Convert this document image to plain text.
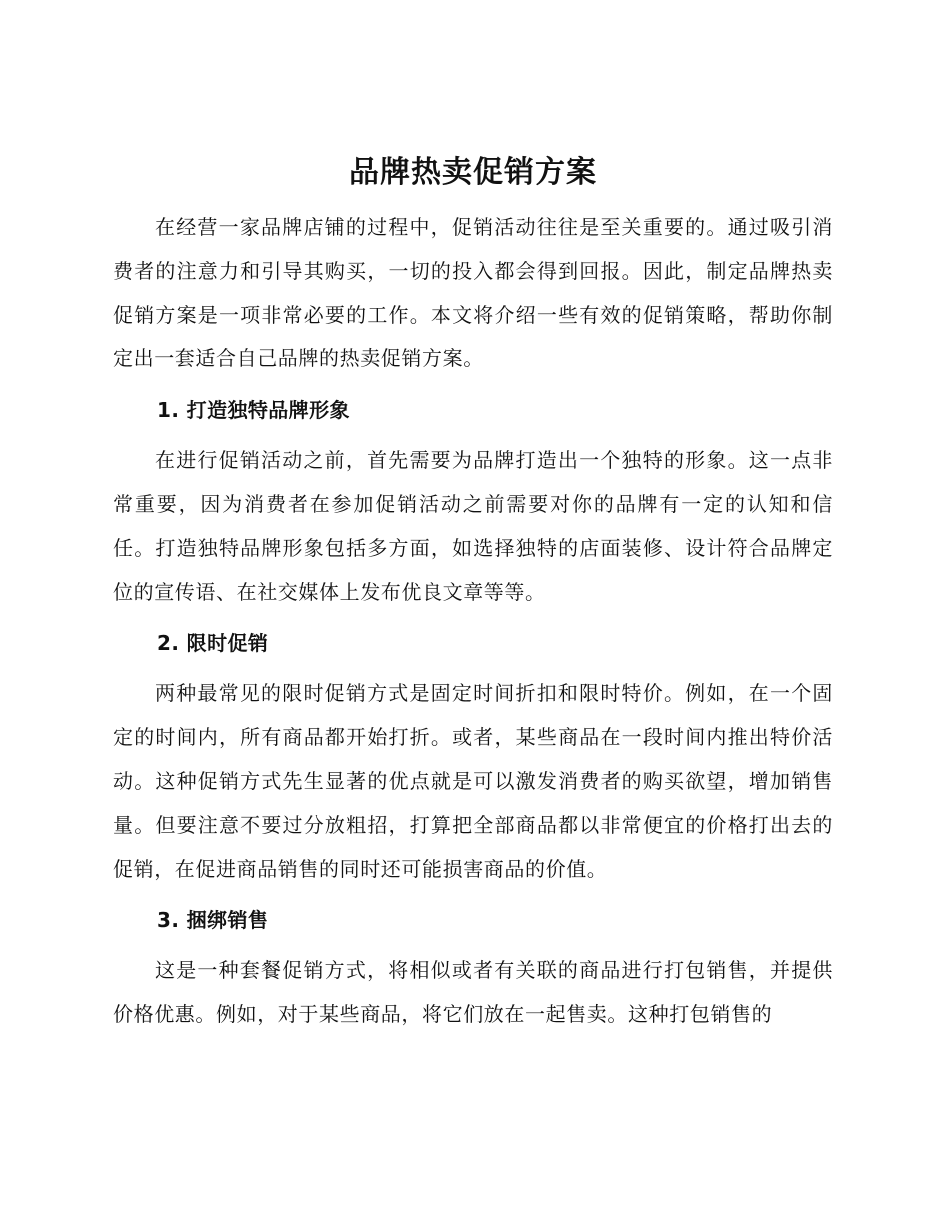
品牌热卖促销方案

在经营一家品牌店铺的过程中，促销活动往往是至关重要的。通过吸引消费者的注意力和引导其购买，一切的投入都会得到回报。因此，制定品牌热卖促销方案是一项非常必要的工作。本文将介绍一些有效的促销策略，帮助你制定出一套适合自己品牌的热卖促销方案。

1. 打造独特品牌形象

在进行促销活动之前，首先需要为品牌打造出一个独特的形象。这一点非常重要，因为消费者在参加促销活动之前需要对你的品牌有一定的认知和信任。打造独特品牌形象包括多方面，如选择独特的店面装修、设计符合品牌定位的宣传语、在社交媒体上发布优良文章等等。

2. 限时促销

两种最常见的限时促销方式是固定时间折扣和限时特价。例如，在一个固定的时间内，所有商品都开始打折。或者，某些商品在一段时间内推出特价活动。这种促销方式先生显著的优点就是可以激发消费者的购买欲望，增加销售量。但要注意不要过分放粗招，打算把全部商品都以非常便宜的价格打出去的促销，在促进商品销售的同时还可能损害商品的价值。

3. 捆绑销售

这是一种套餐促销方式，将相似或者有关联的商品进行打包销售，并提供价格优惠。例如，对于某些商品，将它们放在一起售卖。这种打包销售的
